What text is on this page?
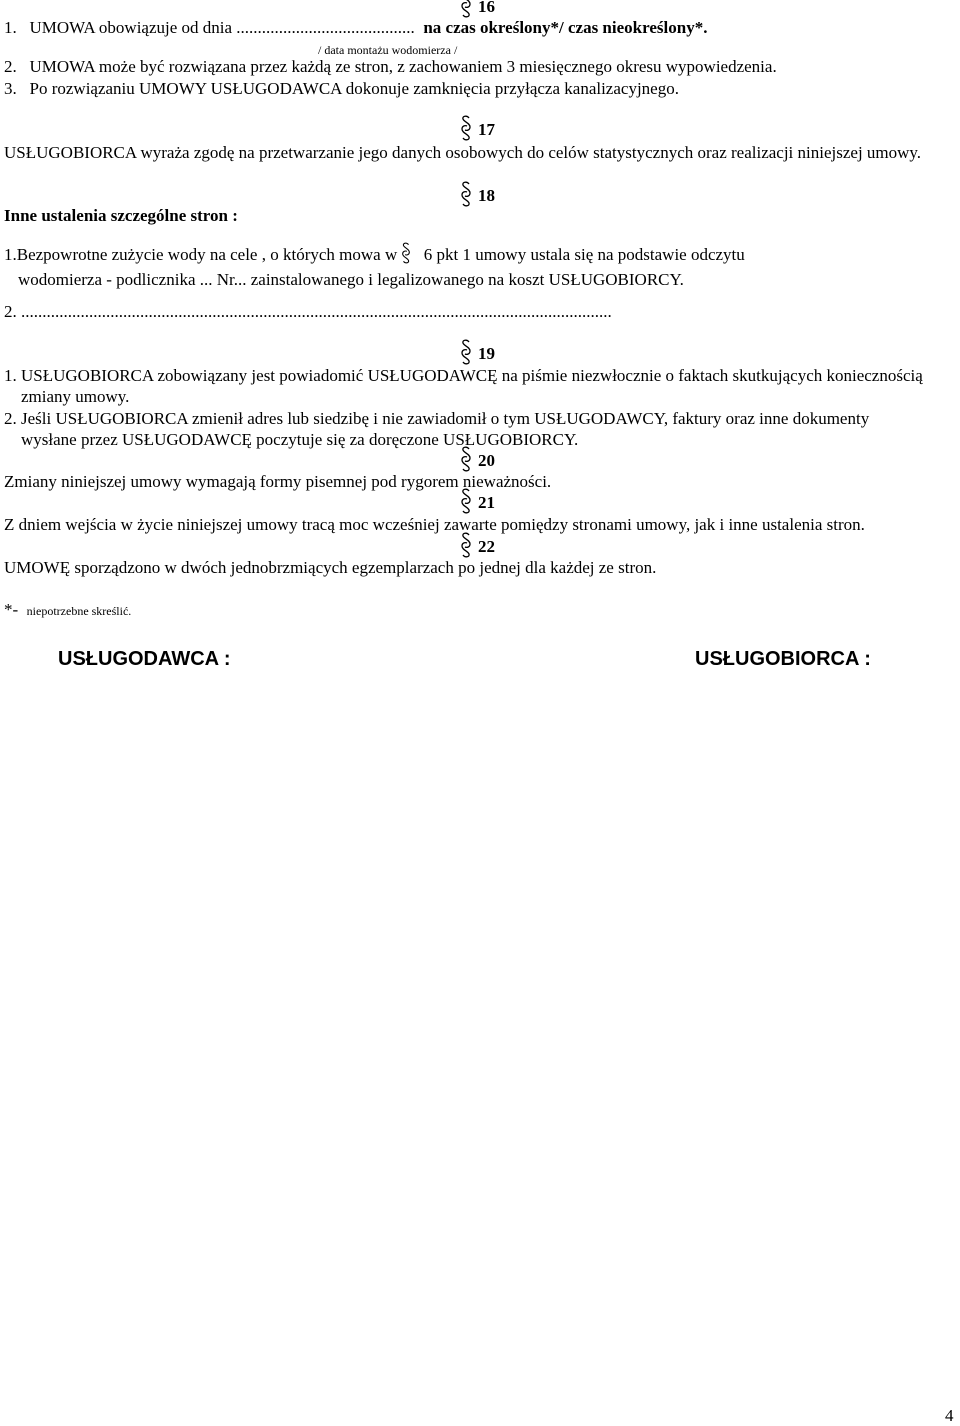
16
1. UMOWA obowiązuje od dnia .......................................... na czas określony*/ czas nieokreślony*.
/ data montażu wodomierza /
2. UMOWA może być rozwiązana przez każdą ze stron, z zachowaniem 3 miesięcznego okresu wypowiedzenia.
3. Po rozwiązaniu UMOWY USŁUGODAWCA dokonuje zamknięcia przyłącza kanalizacyjnego.
17
USŁUGOBIORCA wyraża zgodę na przetwarzanie jego danych osobowych do celów statystycznych oraz realizacji niniejszej umowy.
18
Inne ustalenia szczególne stron :
1.Bezpowrotne zużycie wody na cele , o których mowa w 6 pkt 1 umowy ustala się na podstawie odczytu
wodomierza - podlicznika ... Nr... zainstalowanego i legalizowanego na koszt USŁUGOBIORCY.
2. ...........................................................................................................................................
19
1. USŁUGOBIORCA zobowiązany jest powiadomić USŁUGODAWCĘ na piśmie niezwłocznie o faktach skutkujących koniecznością zmiany umowy.
2. Jeśli USŁUGOBIORCA zmienił adres lub siedzibę i nie zawiadomił o tym USŁUGODAWCY, faktury oraz inne dokumenty wysłane przez USŁUGODAWCĘ poczytuje się za doręczone USŁUGOBIORCY.
20
Zmiany niniejszej umowy wymagają formy pisemnej pod rygorem nieważności.
21
Z dniem wejścia w życie niniejszej umowy tracą moc wcześniej zawarte pomiędzy stronami umowy, jak i inne ustalenia stron.
22
UMOWĘ sporządzono w dwóch jednobrzmiących egzemplarzach po jednej dla każdej ze stron.
*- niepotrzebne skreślić.
USŁUGODAWCA :	USŁUGOBIORCA :
4
